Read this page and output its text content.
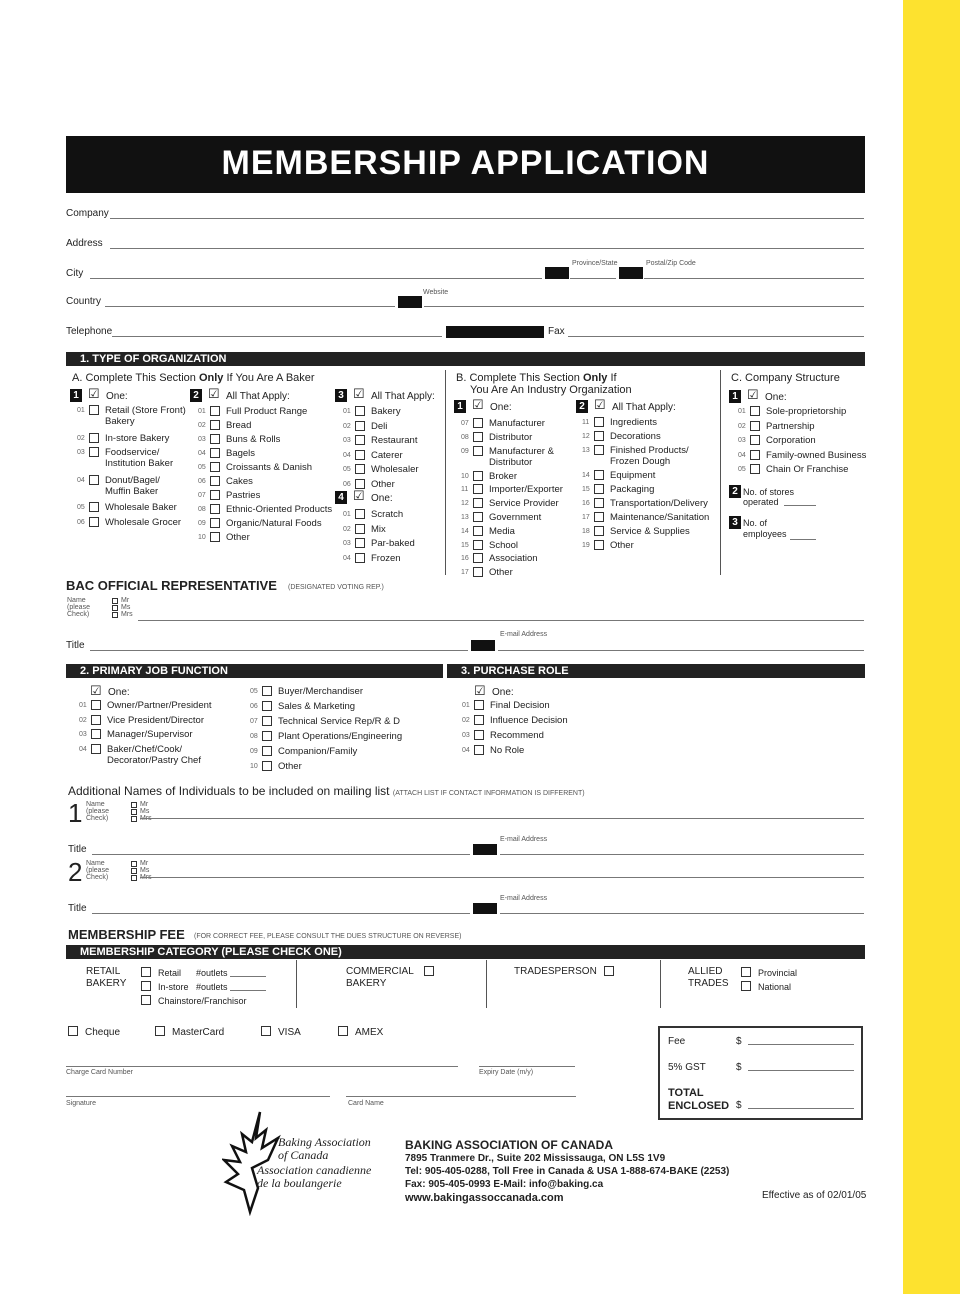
MEMBERSHIP APPLICATION
Company
Address
City
Province/State	Postal/Zip Code
Country
Website
Telephone	Fax
1. TYPE OF ORGANIZATION
A. Complete This Section Only If You Are A Baker
1 ☑ One:	2 ☑ All That Apply:	3 ☑ All That Apply:
4 ☑ One:
B. Complete This Section Only If
You Are An Industry Organization
1 ☑ One:	2 ☑ All That Apply:
C. Company Structure
1 ☑ One:
2 No. of stores
operated
3 No. of
employees
BAC OFFICIAL REPRESENTATIVE (DESIGNATED VOTING REP.)
Title
E-mail Address
2. PRIMARY JOB FUNCTION	3. PURCHASE ROLE
☑ One:	☑ One:
Additional Names of Individuals to be included on mailing list (ATTACH LIST IF CONTACT INFORMATION IS DIFFERENT)
MEMBERSHIP FEE (FOR CORRECT FEE, PLEASE CONSULT THE DUES STRUCTURE ON REVERSE)
MEMBERSHIP CATEGORY (PLEASE CHECK ONE)
RETAIL
BAKERY
Retail #outlets
In-store #outlets
Chainstore/Franchisor
COMMERCIAL
BAKERY
TRADESPERSON	ALLIED
TRADES
Provincial
National
Cheque	MasterCard	VISA	AMEX
Charge Card Number	Expiry Date (m/y)
Signature	Card Name
Fee	$
5% GST	$
TOTAL
ENCLOSED $
Baking Association
of Canada
Association canadienne
de la boulangerie
BAKING ASSOCIATION OF CANADA
7895 Tranmere Dr., Suite 202 Mississauga, ON L5S 1V9
Tel: 905-405-0288, Toll Free in Canada & USA 1-888-674-BAKE (2253)
Fax: 905-405-0993 E-Mail: info@baking.ca
www.bakingassoccanada.com	Effective as of 02/01/05
01 Retail (Store Front)
Bakery
02 In-store Bakery
03 Foodservice/
Institution Baker
04 Donut/Bagel/
Muffin Baker
05 Wholesale Baker
06 Wholesale Grocer
01 Full Product Range
02 Bread
03 Buns & Rolls
04 Bagels
05 Croissants & Danish
06 Cakes
07 Pastries
08 Ethnic-Oriented Products
09 Organic/Natural Foods
10 Other
01 Bakery
02 Deli
03 Restaurant
04 Caterer
05 Wholesaler
06 Other
01 Scratch
02 Mix
03 Par-baked
04 Frozen
07 Manufacturer
08 Distributor
09 Manufacturer &
Distributor
10 Broker
11 Importer/Exporter
12 Service Provider
13 Government
14 Media
15 School
16 Association
17 Other
11 Ingredients
12 Decorations
13 Finished Products/
Frozen Dough
14 Equipment
15 Packaging
16 Transportation/Delivery
17 Maintenance/Sanitation
18 Service & Supplies
19 Other
01 Sole-proprietorship
02 Partnership
03 Corporation
04 Family-owned Business
05 Chain Or Franchise
01 Owner/Partner/President
02 Vice President/Director
03 Manager/Supervisor
04 Baker/Chef/Cook/
Decorator/Pastry Chef
05 Buyer/Merchandiser
06 Sales & Marketing
07 Technical Service Rep/R & D
08 Plant Operations/Engineering
09 Companion/Family
10 Other
01 Final Decision
02 Influence Decision
03 Recommend
04 No Role
Name
(please
Check)
Mr
Ms
Mrs
1 Name
(please
Check)
Mr
Ms
Mrs
Title
E-mail Address
2 Name
(please
Check)
Mr
Ms
Mrs
Title
E-mail Address
